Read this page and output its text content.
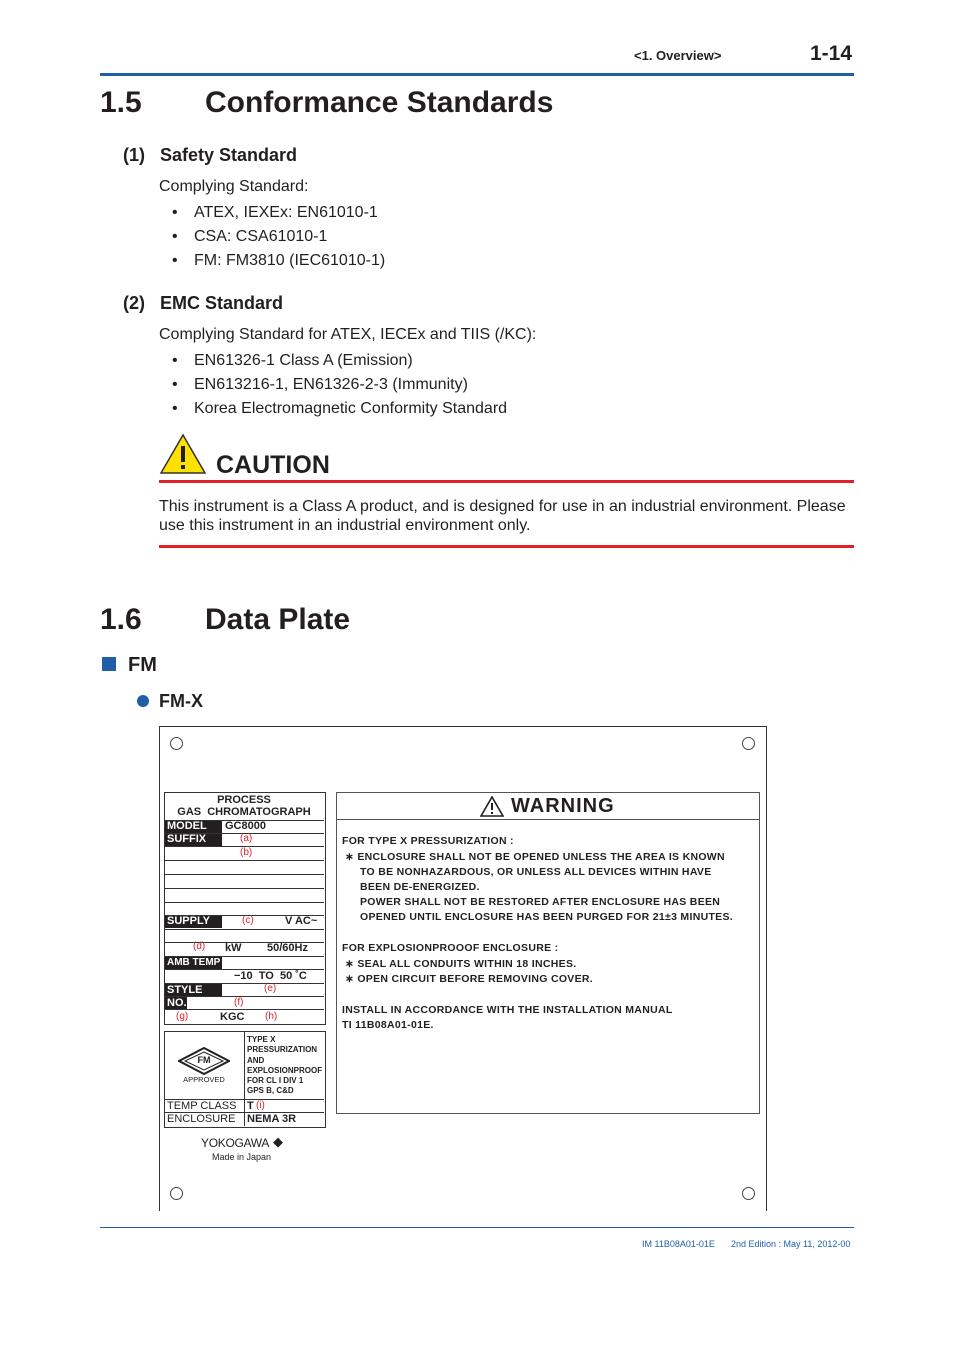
<1. Overview>	1-14
1.5 Conformance Standards
(1)   Safety Standard
Complying Standard:
• ATEX, IEXEx: EN61010-1
• CSA: CSA61010-1
• FM: FM3810 (IEC61010-1)
(2)   EMC Standard
Complying Standard for ATEX, IECEx and TIIS (/KC):
• EN61326-1 Class A (Emission)
• EN613216-1, EN61326-2-3 (Immunity)
• Korea Electromagnetic Conformity Standard
CAUTION
This instrument is a Class A product, and is designed for use in an industrial environment. Please
use this instrument in an industrial environment only.
1.6 Data Plate
FM
FM-X
PROCESS
GAS  CHROMATOGRAPH
MODEL GC8000
SUFFIX	(a)
(b)
SUPPLY	(c)	V AC~
(d) kW 50/60Hz
AMB TEMP
−10  TO  50 ˚C
STYLE	(e)
NO.	(f)
(g)	KGC (h)
FM
APPROVED
TYPE X
PRESSURIZATION
AND
EXPLOSIONPROOF
FOR CL I DIV 1
GPS B, C&D
TEMP CLASS T (i)
ENCLOSURE NEMA 3R
YOKOGAWA ◆
Made in Japan
WARNING
FOR TYPE X PRESSURIZATION :
∗ ENCLOSURE SHALL NOT BE OPENED UNLESS THE AREA IS KNOWN
TO BE NONHAZARDOUS, OR UNLESS ALL DEVICES WITHIN HAVE
BEEN DE-ENERGIZED.
POWER SHALL NOT BE RESTORED AFTER ENCLOSURE HAS BEEN
OPENED UNTIL ENCLOSURE HAS BEEN PURGED FOR 21±3 MINUTES.
FOR EXPLOSIONPROOOF ENCLOSURE :
∗ SEAL ALL CONDUITS WITHIN 18 INCHES.
∗ OPEN CIRCUIT BEFORE REMOVING COVER.
INSTALL IN ACCORDANCE WITH THE INSTALLATION MANUAL
TI 11B08A01-01E.
IM 11B08A01-01E 2nd Edition : May 11, 2012-00
